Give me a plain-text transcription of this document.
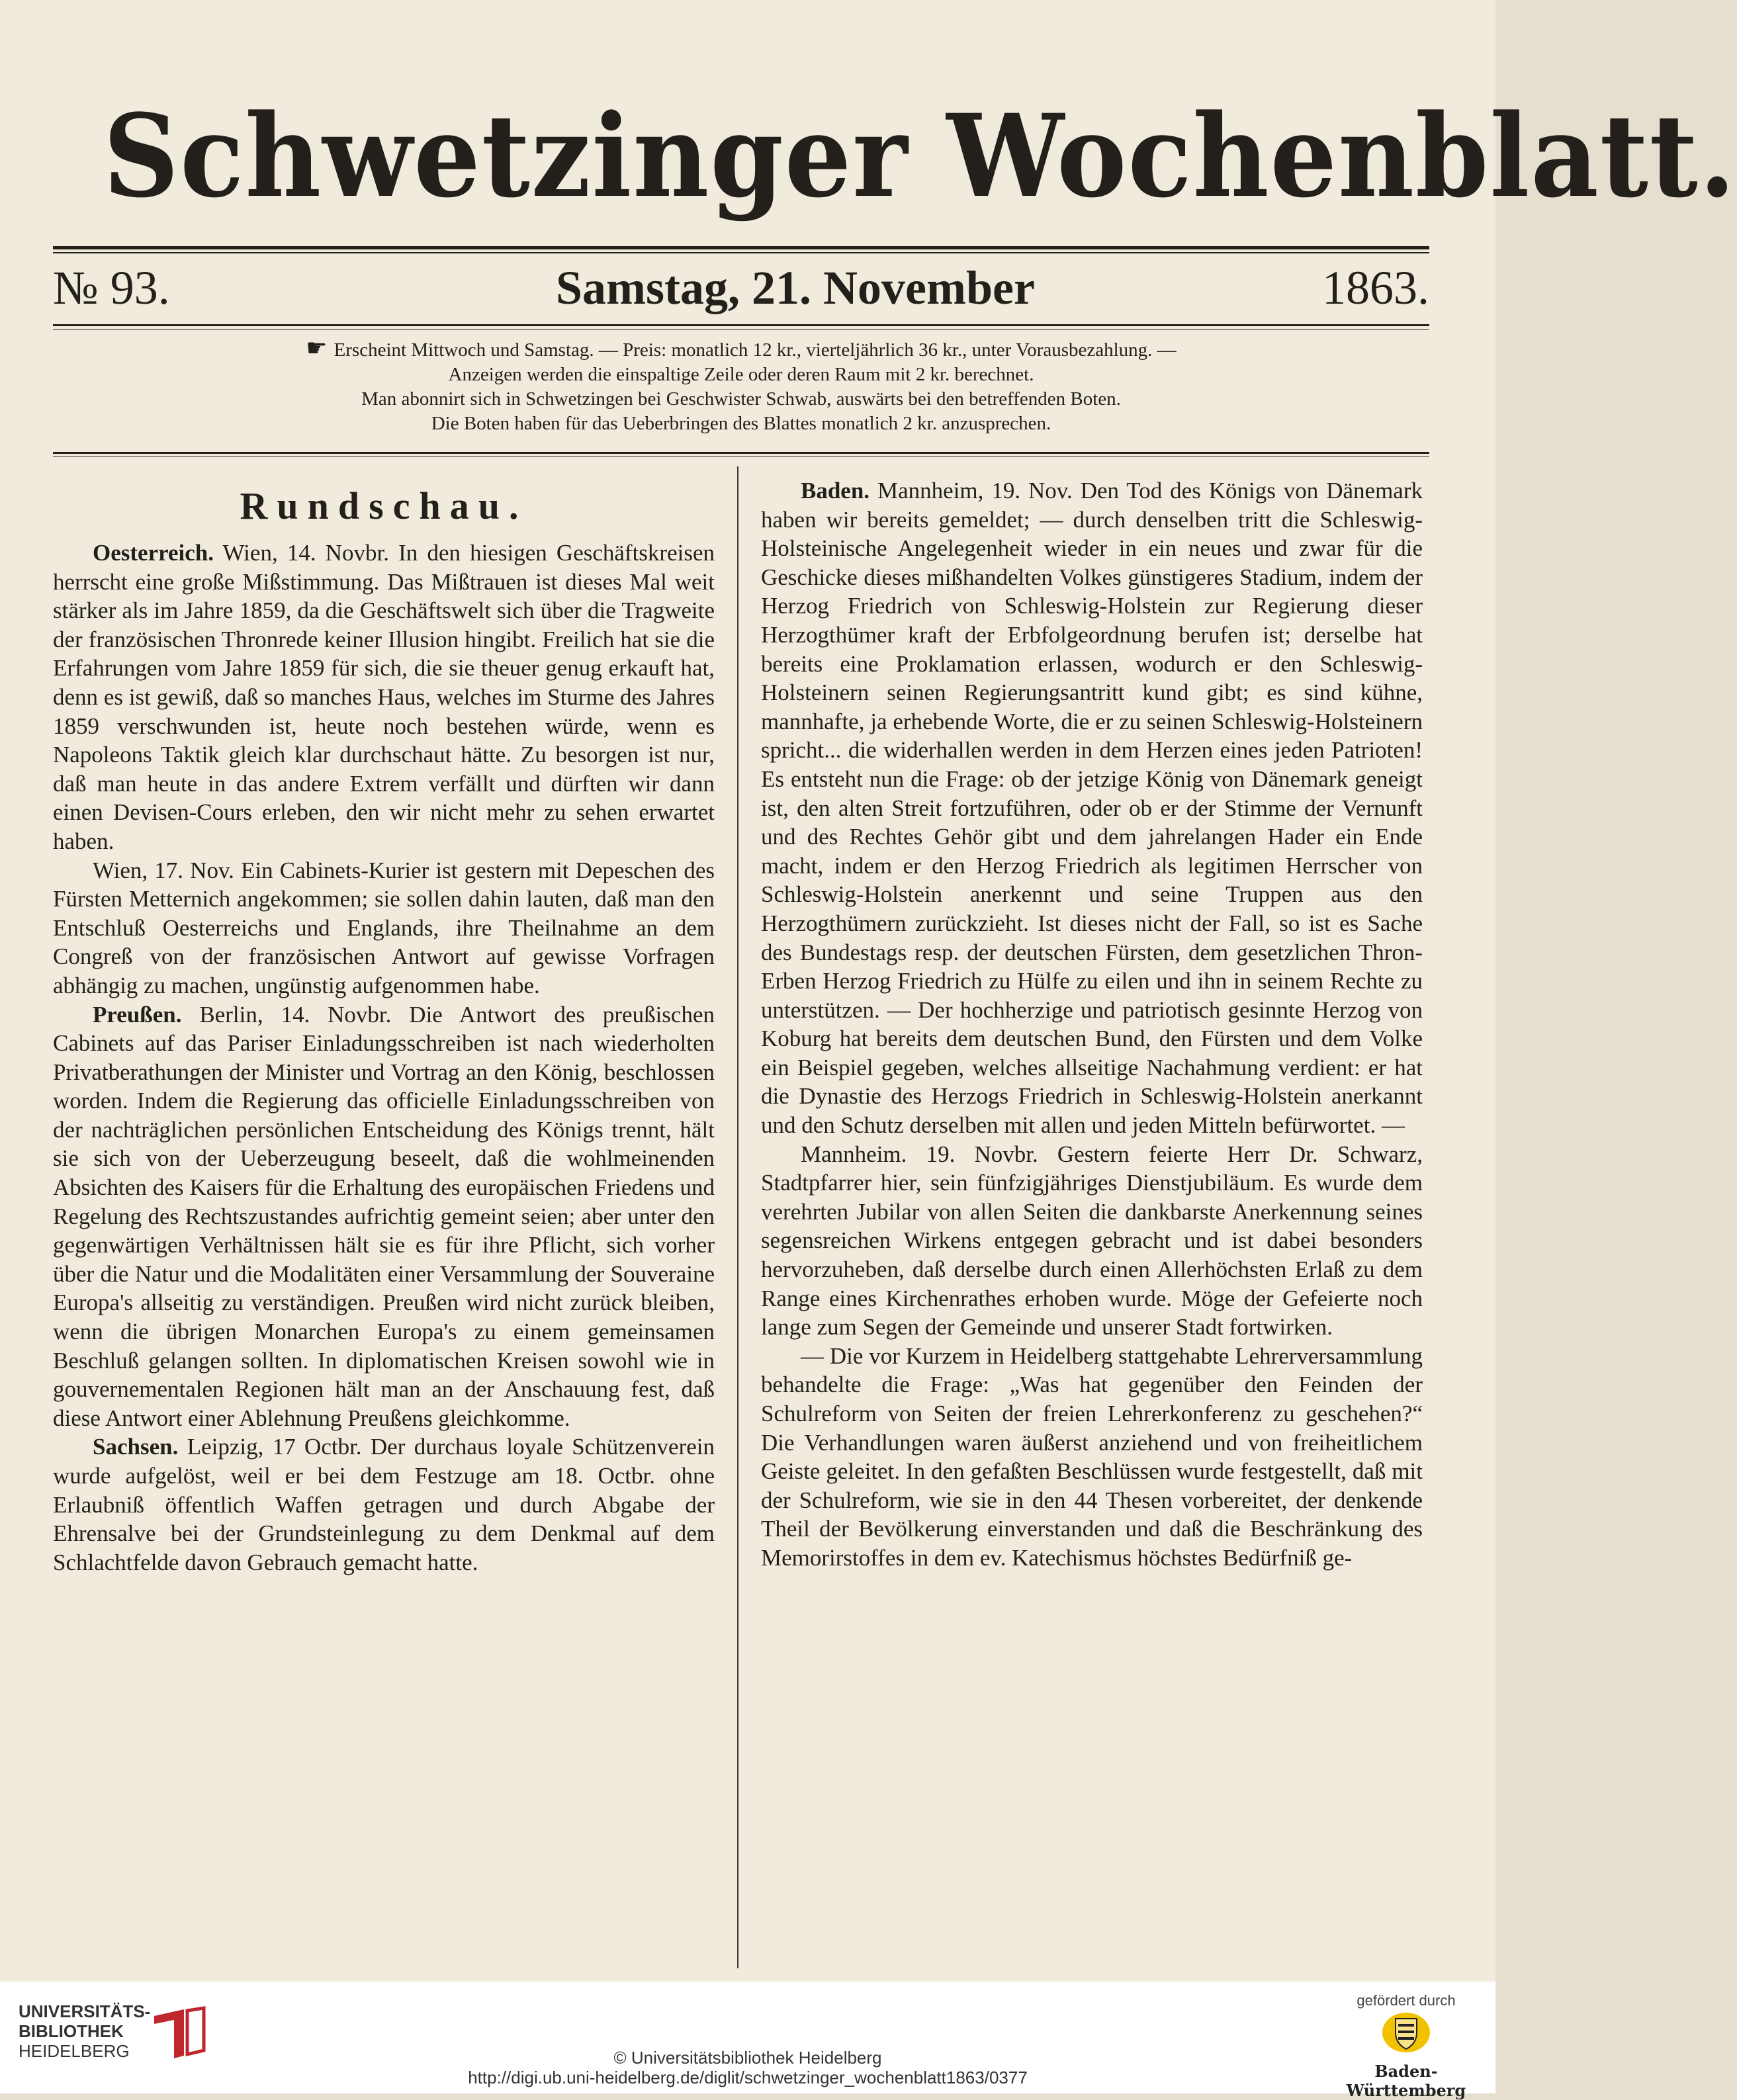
Schwetzinger Wochenblatt.
№ 93.	Samstag, 21. November	1863.
☛ Erscheint Mittwoch und Samstag. — Preis: monatlich 12 kr., vierteljährlich 36 kr., unter Vorausbezahlung. —
Anzeigen werden die einspaltige Zeile oder deren Raum mit 2 kr. berechnet.
Man abonnirt sich in Schwetzingen bei Geschwister Schwab, auswärts bei den betreffenden Boten.
Die Boten haben für das Ueberbringen des Blattes monatlich 2 kr. anzusprechen.
Rundschau.

Oesterreich. Wien, 14. Novbr. In den hiesigen Geschäftskreisen herrscht eine große Mißstimmung. Das Mißtrauen ist dieses Mal weit stärker als im Jahre 1859, da die Geschäftswelt sich über die Tragweite der französischen Thronrede keiner Illusion hingibt. Freilich hat sie die Erfahrungen vom Jahre 1859 für sich, die sie theuer genug erkauft hat, denn es ist gewiß, daß so manches Haus, welches im Sturme des Jahres 1859 verschwunden ist, heute noch bestehen würde, wenn es Napoleons Taktik gleich klar durchschaut hätte. Zu besorgen ist nur, daß man heute in das andere Extrem verfällt und dürften wir dann einen Devisen-Cours erleben, den wir nicht mehr zu sehen erwartet haben.

Wien, 17. Nov. Ein Cabinets-Kurier ist gestern mit Depeschen des Fürsten Metternich angekommen; sie sollen dahin lauten, daß man den Entschluß Oesterreichs und Englands, ihre Theilnahme an dem Congreß von der französischen Antwort auf gewisse Vorfragen abhängig zu machen, ungünstig aufgenommen habe.

Preußen. Berlin, 14. Novbr. Die Antwort des preußischen Cabinets auf das Pariser Einladungsschreiben ist nach wiederholten Privatberathungen der Minister und Vortrag an den König, beschlossen worden. Indem die Regierung das officielle Einladungsschreiben von der nachträglichen persönlichen Entscheidung des Königs trennt, hält sie sich von der Ueberzeugung beseelt, daß die wohlmeinenden Absichten des Kaisers für die Erhaltung des europäischen Friedens und Regelung des Rechtszustandes aufrichtig gemeint seien; aber unter den gegenwärtigen Verhältnissen hält sie es für ihre Pflicht, sich vorher über die Natur und die Modalitäten einer Versammlung der Souveraine Europa's allseitig zu verständigen. Preußen wird nicht zurück bleiben, wenn die übrigen Monarchen Europa's zu einem gemeinsamen Beschluß gelangen sollten. In diplomatischen Kreisen sowohl wie in gouvernementalen Regionen hält man an der Anschauung fest, daß diese Antwort einer Ablehnung Preußens gleichkomme.

Sachsen. Leipzig, 17 Octbr. Der durchaus loyale Schützenverein wurde aufgelöst, weil er bei dem Festzuge am 18. Octbr. ohne Erlaubniß öffentlich Waffen getragen und durch Abgabe der Ehrensalve bei der Grundsteinlegung zu dem Denkmal auf dem Schlachtfelde davon Gebrauch gemacht hatte.

Baden. Mannheim, 19. Nov. Den Tod des Königs von Dänemark haben wir bereits gemeldet; — durch denselben tritt die Schleswig-Holsteinische Angelegenheit wieder in ein neues und zwar für die Geschicke dieses mißhandelten Volkes günstigeres Stadium, indem der Herzog Friedrich von Schleswig-Holstein zur Regierung dieser Herzogthümer kraft der Erbfolgeordnung berufen ist; derselbe hat bereits eine Proklamation erlassen, wodurch er den Schleswig-Holsteinern seinen Regierungsantritt kund gibt; es sind kühne, mannhafte, ja erhebende Worte, die er zu seinen Schleswig-Holsteinern spricht... die widerhallen werden in dem Herzen eines jeden Patrioten! Es entsteht nun die Frage: ob der jetzige König von Dänemark geneigt ist, den alten Streit fortzuführen, oder ob er der Stimme der Vernunft und des Rechtes Gehör gibt und dem jahrelangen Hader ein Ende macht, indem er den Herzog Friedrich als legitimen Herrscher von Schleswig-Holstein anerkennt und seine Truppen aus den Herzogthümern zurückzieht. Ist dieses nicht der Fall, so ist es Sache des Bundestags resp. der deutschen Fürsten, dem gesetzlichen Thron-Erben Herzog Friedrich zu Hülfe zu eilen und ihn in seinem Rechte zu unterstützen. — Der hochherzige und patriotisch gesinnte Herzog von Koburg hat bereits dem deutschen Bund, den Fürsten und dem Volke ein Beispiel gegeben, welches allseitige Nachahmung verdient: er hat die Dynastie des Herzogs Friedrich in Schleswig-Holstein anerkannt und den Schutz derselben mit allen und jeden Mitteln befürwortet. —

Mannheim. 19. Novbr. Gestern feierte Herr Dr. Schwarz, Stadtpfarrer hier, sein fünfzigjähriges Dienstjubiläum. Es wurde dem verehrten Jubilar von allen Seiten die dankbarste Anerkennung seines segensreichen Wirkens entgegen gebracht und ist dabei besonders hervorzuheben, daß derselbe durch einen Allerhöchsten Erlaß zu dem Range eines Kirchenrathes erhoben wurde. Möge der Gefeierte noch lange zum Segen der Gemeinde und unserer Stadt fortwirken.

— Die vor Kurzem in Heidelberg stattgehabte Lehrerversammlung behandelte die Frage: „Was hat gegenüber den Feinden der Schulreform von Seiten der freien Lehrerkonferenz zu geschehen?“ Die Verhandlungen waren äußerst anziehend und von freiheitlichem Geiste geleitet. In den gefaßten Beschlüssen wurde festgestellt, daß mit der Schulreform, wie sie in den 44 Thesen vorbereitet, der denkende Theil der Bevölkerung einverstanden und daß die Beschränkung des Memorirstoffes in dem ev. Katechismus höchstes Bedürfniß ge-

UNIVERSITÄTS-
BIBLIOTHEK
HEIDELBERG	© Universitätsbibliothek Heidelberg
http://digi.ub.uni-heidelberg.de/diglit/schwetzinger_wochenblatt1863/0377
gefördert durch
Baden-Württemberg
